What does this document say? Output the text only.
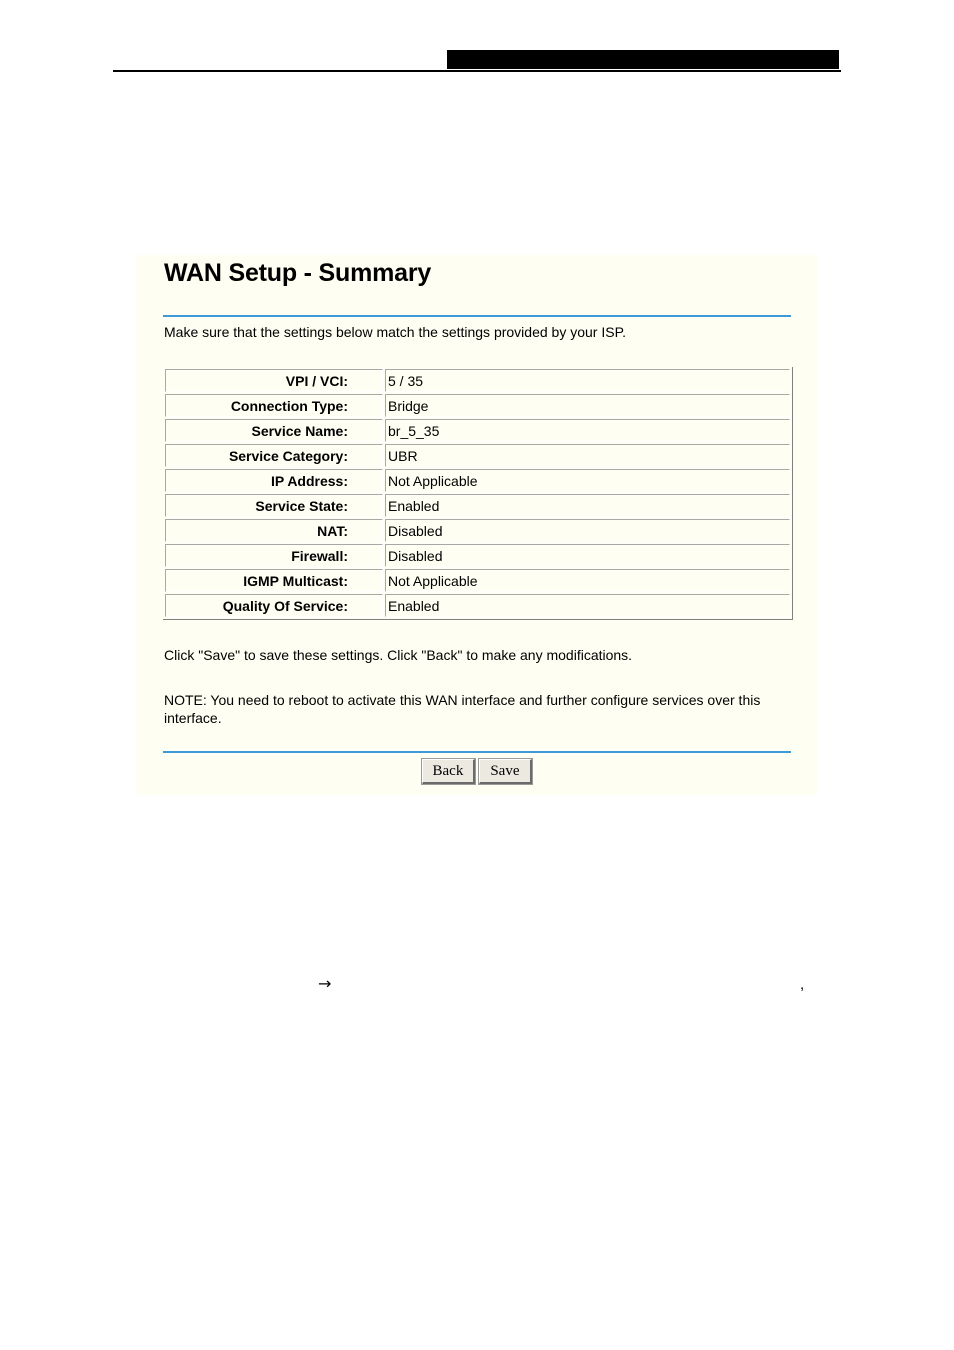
WAN Setup - Summary
Make sure that the settings below match the settings provided by your ISP.
VPI / VCI:	5 / 35
Connection Type:	Bridge
Service Name:	br_5_35
Service Category:	UBR
IP Address:	Not Applicable
Service State:	Enabled
NAT:	Disabled
Firewall:	Disabled
IGMP Multicast:	Not Applicable
Quality Of Service:	Enabled
Click "Save" to save these settings. Click "Back" to make any modifications.
NOTE: You need to reboot to activate this WAN interface and further configure services over this interface.
Back Save
→	,
